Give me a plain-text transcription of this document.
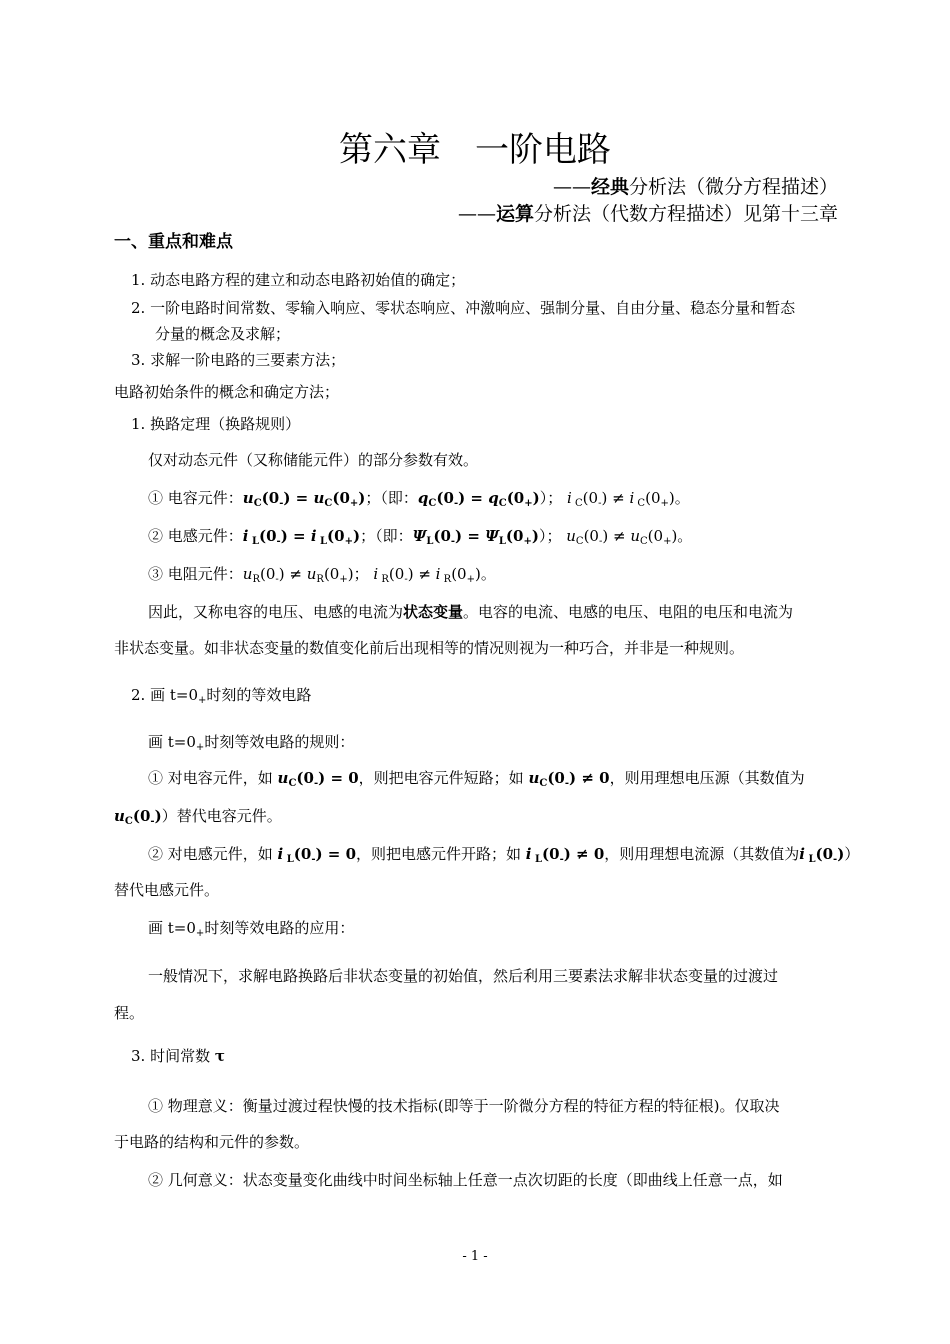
第六章　一阶电路
——经典分析法（微分方程描述）
——运算分析法（代数方程描述）见第十三章
一、重点和难点
1. 动态电路方程的建立和动态电路初始值的确定；
2. 一阶电路时间常数、零输入响应、零状态响应、冲激响应、强制分量、自由分量、稳态分量和暂态
分量的概念及求解；
3. 求解一阶电路的三要素方法；
电路初始条件的概念和确定方法；
1. 换路定理（换路规则）
仅对动态元件（又称储能元件）的部分参数有效。
① 电容元件：$u_C(0_-) = u_C(0_+)$；（即：$q_C(0_-) = q_C(0_+)$）； i $_C(0_-) \ne i$ $_C(0_+)$。
② 电感元件：i $_L(0_-) = i$ $_L(0_+)$；（即：$\Psi_L(0_-) = \Psi_L(0_+)$）； $u_C(0_-) \ne u_C(0_+)$。
③ 电阻元件：$u_R(0_-) \ne u_R(0_+)$； i $_R(0_-) \ne i$ $_R(0_+)$。
因此，又称电容的电压、电感的电流为状态变量。电容的电流、电感的电压、电阻的电压和电流为
非状态变量。如非状态变量的数值变化前后出现相等的情况则视为一种巧合，并非是一种规则。
2. 画 $t=0_+$时刻的等效电路
画 $t=0_+$时刻等效电路的规则：
① 对电容元件，如 $u_C(0_-) = 0$，则把电容元件短路；如 $u_C(0_-) \ne 0$，则用理想电压源（其数值为
$u_C(0_-)$）替代电容元件。
② 对电感元件，如 i $_L(0_-) = 0$，则把电感元件开路；如 i $_L(0_-) \ne 0$，则用理想电流源（其数值为i $_L(0_-)$）
替代电感元件。
画 $t=0_+$时刻等效电路的应用：
一般情况下，求解电路换路后非状态变量的初始值，然后利用三要素法求解非状态变量的过渡过
程。
3. 时间常数 τ
① 物理意义：衡量过渡过程快慢的技术指标(即等于一阶微分方程的特征方程的特征根)。仅取决
于电路的结构和元件的参数。
② 几何意义：状态变量变化曲线中时间坐标轴上任意一点次切距的长度（即曲线上任意一点，如
- 1 -
